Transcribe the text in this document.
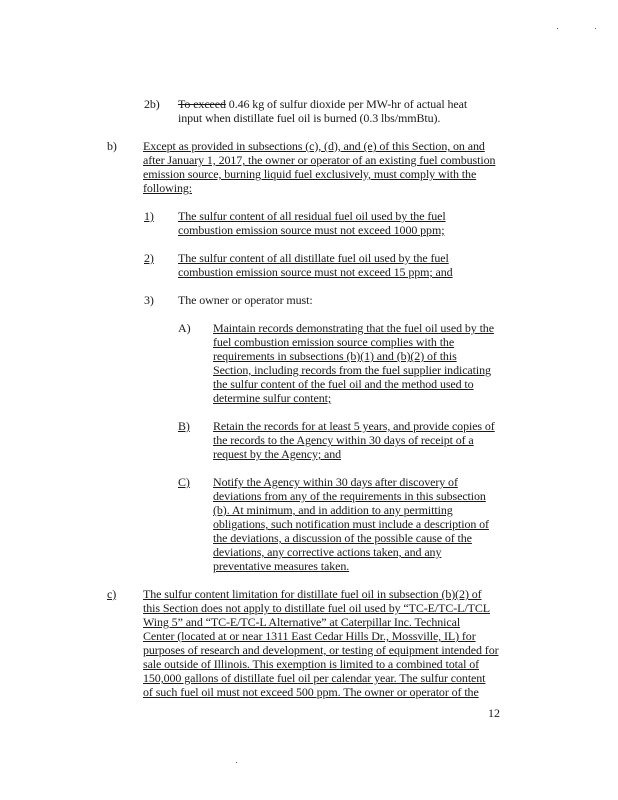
2b) To exceed 0.46 kg of sulfur dioxide per MW-hr of actual heat
input when distillate fuel oil is burned (0.3 lbs/mmBtu).
b) Except as provided in subsections (c), (d), and (e) of this Section, on and
after January 1, 2017, the owner or operator of an existing fuel combustion
emission source, burning liquid fuel exclusively, must comply with the
following:
1) The sulfur content of all residual fuel oil used by the fuel
combustion emission source must not exceed 1000 ppm;
2) The sulfur content of all distillate fuel oil used by the fuel
combustion emission source must not exceed 15 ppm; and
3) The owner or operator must:
A) Maintain records demonstrating that the fuel oil used by the
fuel combustion emission source complies with the
requirements in subsections (b)(1) and (b)(2) of this
Section, including records from the fuel supplier indicating
the sulfur content of the fuel oil and the method used to
determine sulfur content;
B) Retain the records for at least 5 years, and provide copies of
the records to the Agency within 30 days of receipt of a
request by the Agency; and
C) Notify the Agency within 30 days after discovery of
deviations from any of the requirements in this subsection
(b). At minimum, and in addition to any permitting
obligations, such notification must include a description of
the deviations, a discussion of the possible cause of the
deviations, any corrective actions taken, and any
preventative measures taken.
c) The sulfur content limitation for distillate fuel oil in subsection (b)(2) of
this Section does not apply to distillate fuel oil used by “TC-E/TC-L/TCL
Wing 5” and “TC-E/TC-L Alternative” at Caterpillar Inc. Technical
Center (located at or near 1311 East Cedar Hills Dr., Mossville, IL) for
purposes of research and development, or testing of equipment intended for
sale outside of Illinois. This exemption is limited to a combined total of
150,000 gallons of distillate fuel oil per calendar year. The sulfur content
of such fuel oil must not exceed 500 ppm. The owner or operator of the
12
